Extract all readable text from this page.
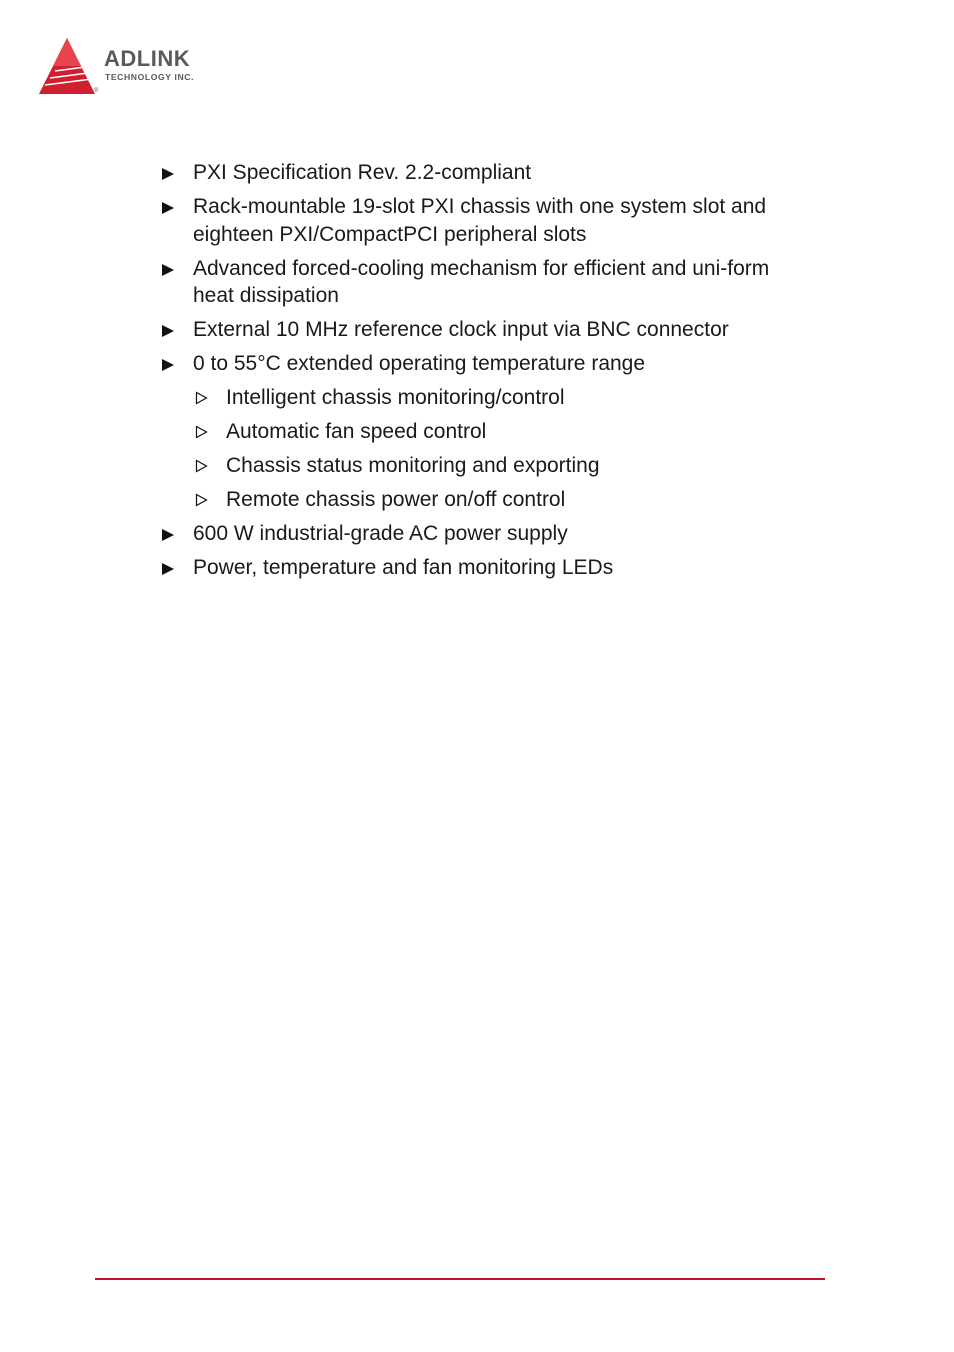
ADLINK
TECHNOLOGY INC.
®
PXI Specification Rev. 2.2-compliant
Rack-mountable 19-slot PXI chassis with one system slot and eighteen PXI/CompactPCI peripheral slots
Advanced forced-cooling mechanism for efficient and uni-form heat dissipation
External 10 MHz reference clock input via BNC connector
0 to 55°C extended operating temperature range
Intelligent chassis monitoring/control
Automatic fan speed control
Chassis status monitoring and exporting
Remote chassis power on/off control
600 W industrial-grade AC power supply
Power, temperature and fan monitoring LEDs
